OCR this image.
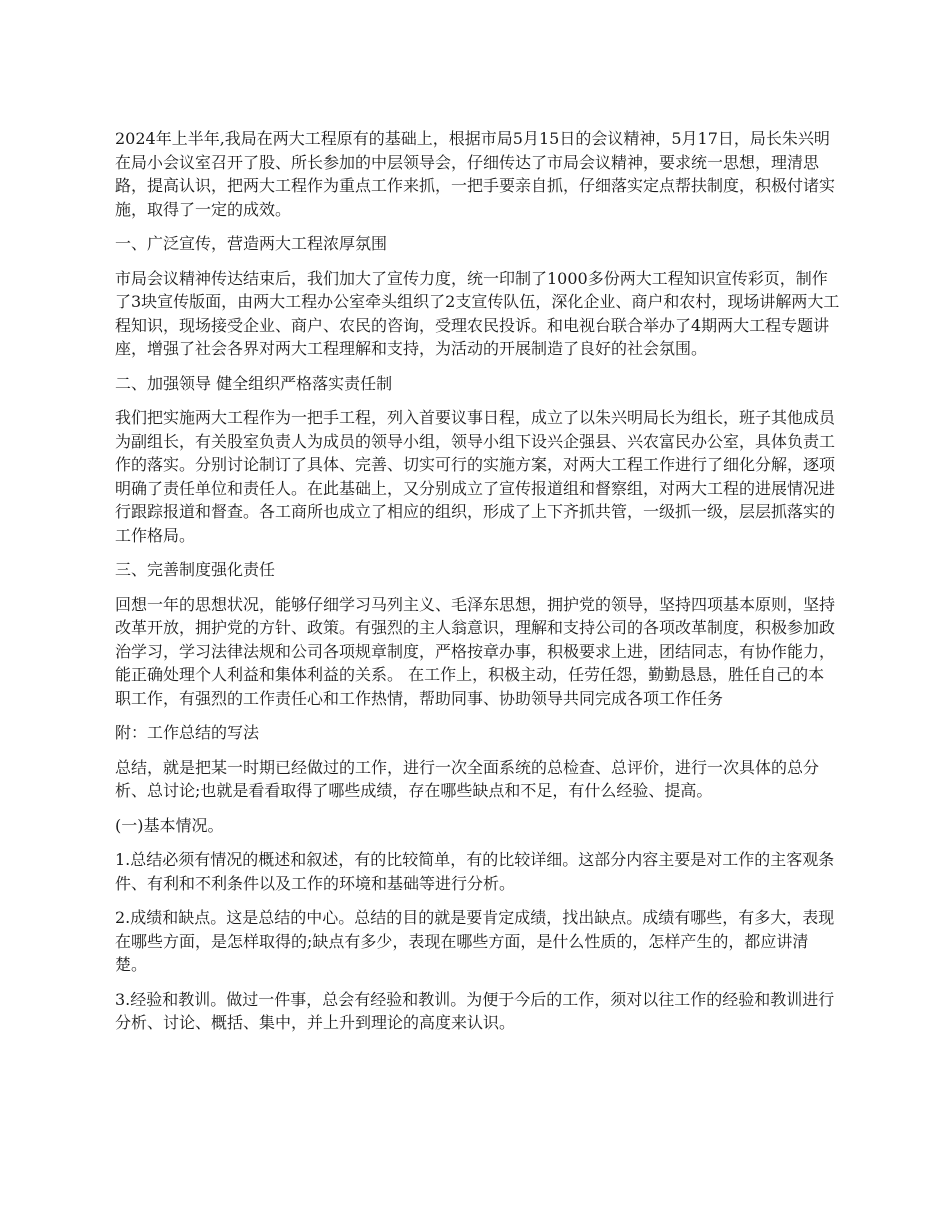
2024年上半年,我局在两大工程原有的基础上，根据市局5月15日的会议精神，5月17日，局长朱兴明在局小会议室召开了股、所长参加的中层领导会，仔细传达了市局会议精神，要求统一思想，理清思路，提高认识，把两大工程作为重点工作来抓，一把手要亲自抓，仔细落实定点帮扶制度，积极付诸实施，取得了一定的成效。

一、广泛宣传，营造两大工程浓厚氛围

市局会议精神传达结束后，我们加大了宣传力度，统一印制了1000多份两大工程知识宣传彩页，制作了3块宣传版面，由两大工程办公室牵头组织了2支宣传队伍，深化企业、商户和农村，现场讲解两大工程知识，现场接受企业、商户、农民的咨询，受理农民投诉。和电视台联合举办了4期两大工程专题讲座，增强了社会各界对两大工程理解和支持，为活动的开展制造了良好的社会氛围。

二、加强领导 健全组织严格落实责任制

我们把实施两大工程作为一把手工程，列入首要议事日程，成立了以朱兴明局长为组长，班子其他成员为副组长，有关股室负责人为成员的领导小组，领导小组下设兴企强县、兴农富民办公室，具体负责工作的落实。分别讨论制订了具体、完善、切实可行的实施方案，对两大工程工作进行了细化分解，逐项明确了责任单位和责任人。在此基础上，又分别成立了宣传报道组和督察组，对两大工程的进展情况进行跟踪报道和督查。各工商所也成立了相应的组织，形成了上下齐抓共管，一级抓一级，层层抓落实的工作格局。

三、完善制度强化责任

回想一年的思想状况，能够仔细学习马列主义、毛泽东思想，拥护党的领导，坚持四项基本原则，坚持改革开放，拥护党的方针、政策。有强烈的主人翁意识，理解和支持公司的各项改革制度，积极参加政治学习，学习法律法规和公司各项规章制度，严格按章办事，积极要求上进，团结同志，有协作能力，能正确处理个人利益和集体利益的关系。 在工作上，积极主动，任劳任怨，勤勤恳恳，胜任自己的本职工作，有强烈的工作责任心和工作热情，帮助同事、协助领导共同完成各项工作任务

附：工作总结的写法

总结，就是把某一时期已经做过的工作，进行一次全面系统的总检查、总评价，进行一次具体的总分析、总讨论;也就是看看取得了哪些成绩，存在哪些缺点和不足，有什么经验、提高。

(一)基本情况。

1.总结必须有情况的概述和叙述，有的比较简单，有的比较详细。这部分内容主要是对工作的主客观条件、有利和不利条件以及工作的环境和基础等进行分析。

2.成绩和缺点。这是总结的中心。总结的目的就是要肯定成绩，找出缺点。成绩有哪些，有多大，表现在哪些方面，是怎样取得的;缺点有多少，表现在哪些方面，是什么性质的，怎样产生的，都应讲清楚。

3.经验和教训。做过一件事，总会有经验和教训。为便于今后的工作，须对以往工作的经验和教训进行分析、讨论、概括、集中，并上升到理论的高度来认识。
